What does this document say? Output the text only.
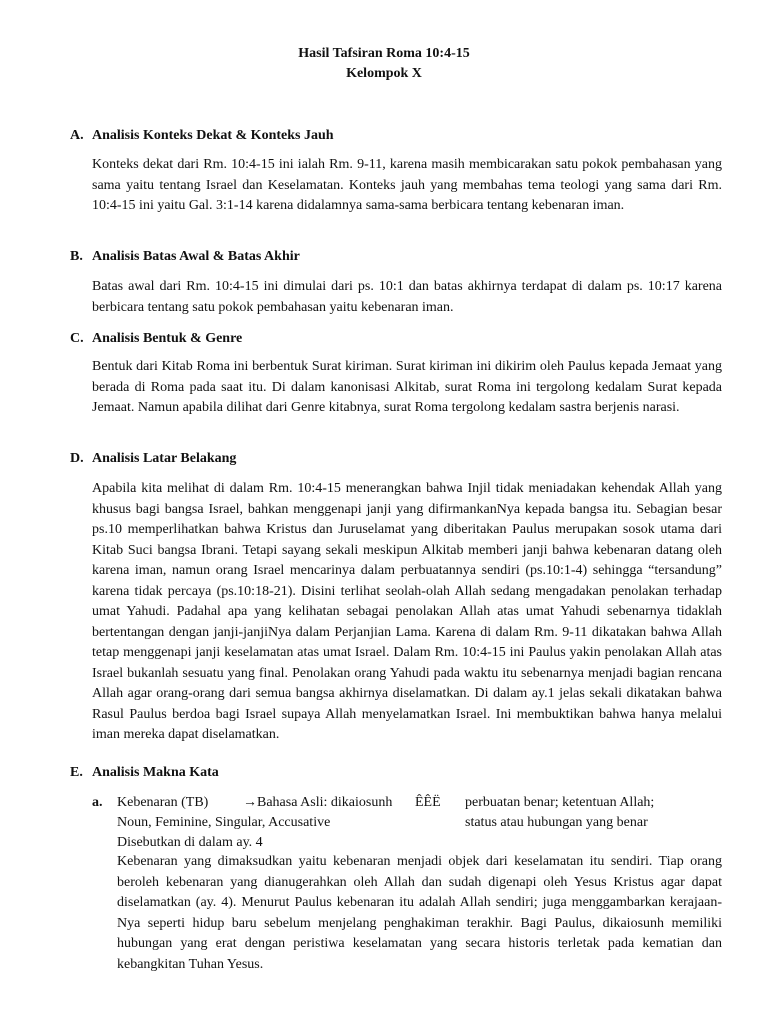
Hasil Tafsiran Roma 10:4-15
Kelompok X
A. Analisis Konteks Dekat & Konteks Jauh

Konteks dekat dari Rm. 10:4-15 ini ialah Rm. 9-11, karena masih membicarakan satu pokok pembahasan yang sama yaitu tentang Israel dan Keselamatan. Konteks jauh yang membahas tema teologi yang sama dari Rm. 10:4-15 ini yaitu Gal. 3:1-14 karena didalamnya sama-sama berbicara tentang kebenaran iman.

B. Analisis Batas Awal & Batas Akhir

Batas awal dari Rm. 10:4-15 ini dimulai dari ps. 10:1 dan batas akhirnya terdapat di dalam ps. 10:17 karena berbicara tentang satu pokok pembahasan yaitu kebenaran iman.

C. Analisis Bentuk & Genre

Bentuk dari Kitab Roma ini berbentuk Surat kiriman. Surat kiriman ini dikirim oleh Paulus kepada Jemaat yang berada di Roma pada saat itu. Di dalam kanonisasi Alkitab, surat Roma ini tergolong kedalam Surat kepada Jemaat. Namun apabila dilihat dari Genre kitabnya, surat Roma tergolong kedalam sastra berjenis narasi.

D. Analisis Latar Belakang

Apabila kita melihat di dalam Rm. 10:4-15 menerangkan bahwa Injil tidak meniadakan kehendak Allah yang khusus bagi bangsa Israel, bahkan menggenapi janji yang difirmankanNya kepada bangsa itu. Sebagian besar ps.10 memperlihatkan bahwa Kristus dan Juruselamat yang diberitakan Paulus merupakan sosok utama dari Kitab Suci bangsa Ibrani. Tetapi sayang sekali meskipun Alkitab memberi janji bahwa kebenaran datang oleh karena iman, namun orang Israel mencarinya dalam perbuatannya sendiri (ps.10:1-4) sehingga “tersandung” karena tidak percaya (ps.10:18-21). Disini terlihat seolah-olah Allah sedang mengadakan penolakan terhadap umat Yahudi. Padahal apa yang kelihatan sebagai penolakan Allah atas umat Yahudi sebenarnya tidaklah bertentangan dengan janji-janjiNya dalam Perjanjian Lama. Karena di dalam Rm. 9-11 dikatakan bahwa Allah tetap menggenapi janji keselamatan atas umat Israel. Dalam Rm. 10:4-15 ini Paulus yakin penolakan Allah atas Israel bukanlah sesuatu yang final. Penolakan orang Yahudi pada waktu itu sebenarnya menjadi bagian rencana Allah agar orang-orang dari semua bangsa akhirnya diselamatkan. Di dalam ay.1 jelas sekali dikatakan bahwa Rasul Paulus berdoa bagi Israel supaya Allah menyelamatkan Israel. Ini membuktikan bahwa hanya melalui iman mereka dapat diselamatkan.

E. Analisis Makna Kata
a. Kebenaran (TB) →Bahasa Asli: dikaiosunh ÊÊË perbuatan benar; ketentuan Allah;
Noun, Feminine, Singular, Accusative	status atau hubungan yang benar
Disebutkan di dalam ay. 4

Kebenaran yang dimaksudkan yaitu kebenaran menjadi objek dari keselamatan itu sendiri. Tiap orang beroleh kebenaran yang dianugerahkan oleh Allah dan sudah digenapi oleh Yesus Kristus agar dapat diselamatkan (ay. 4). Menurut Paulus kebenaran itu adalah Allah sendiri; juga menggambarkan kerajaan-Nya seperti hidup baru sebelum menjelang penghakiman terakhir. Bagi Paulus, dikaiosunh memiliki hubungan yang erat dengan peristiwa keselamatan yang secara historis terletak pada kematian dan kebangkitan Tuhan Yesus.
